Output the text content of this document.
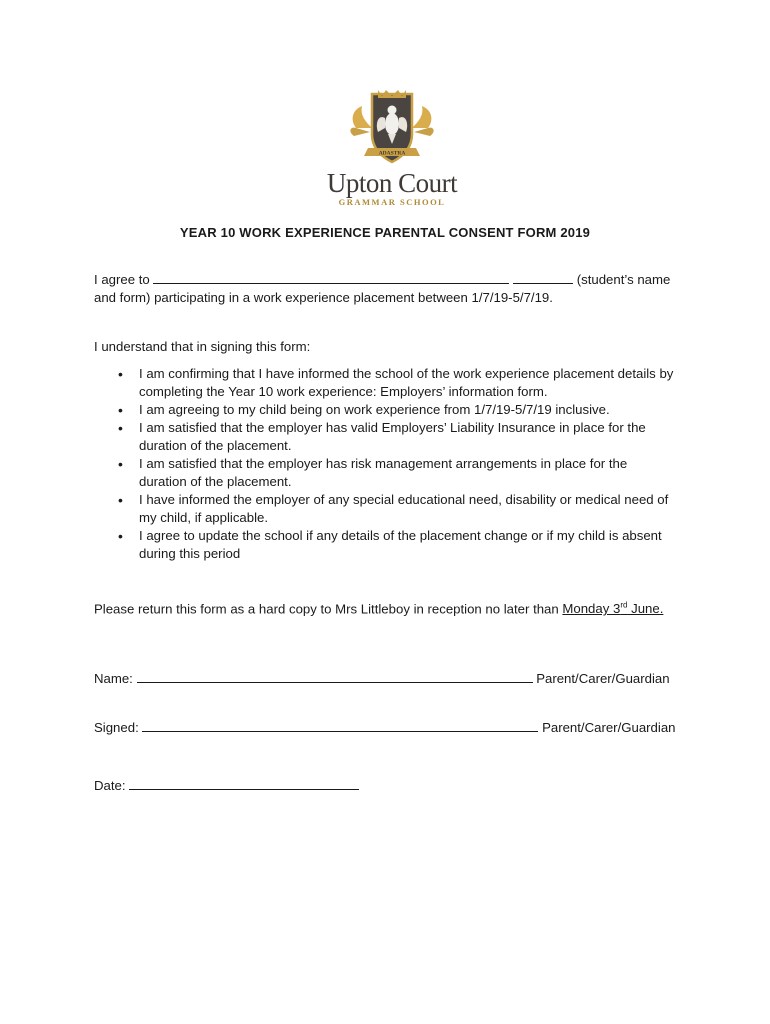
ADASTRA
Upton Court
GRAMMAR SCHOOL
YEAR 10 WORK EXPERIENCE PARENTAL CONSENT FORM 2019
I agree to	(student’s name
and form) participating in a work experience placement between 1/7/19-5/7/19.
I understand that in signing this form:
• I am confirming that I have informed the school of the work experience placement details by
completing the Year 10 work experience: Employers’ information form.
• I am agreeing to my child being on work experience from 1/7/19-5/7/19 inclusive.
• I am satisfied that the employer has valid Employers’ Liability Insurance in place for the
duration of the placement.
• I am satisfied that the employer has risk management arrangements in place for the
duration of the placement.
• I have informed the employer of any special educational need, disability or medical need of
my child, if applicable.
• I agree to update the school if any details of the placement change or if my child is absent
during this period
Please return this form as a hard copy to Mrs Littleboy in reception no later than Monday 3rd June.
Name:	Parent/Carer/Guardian
Signed:	Parent/Carer/Guardian
Date:
